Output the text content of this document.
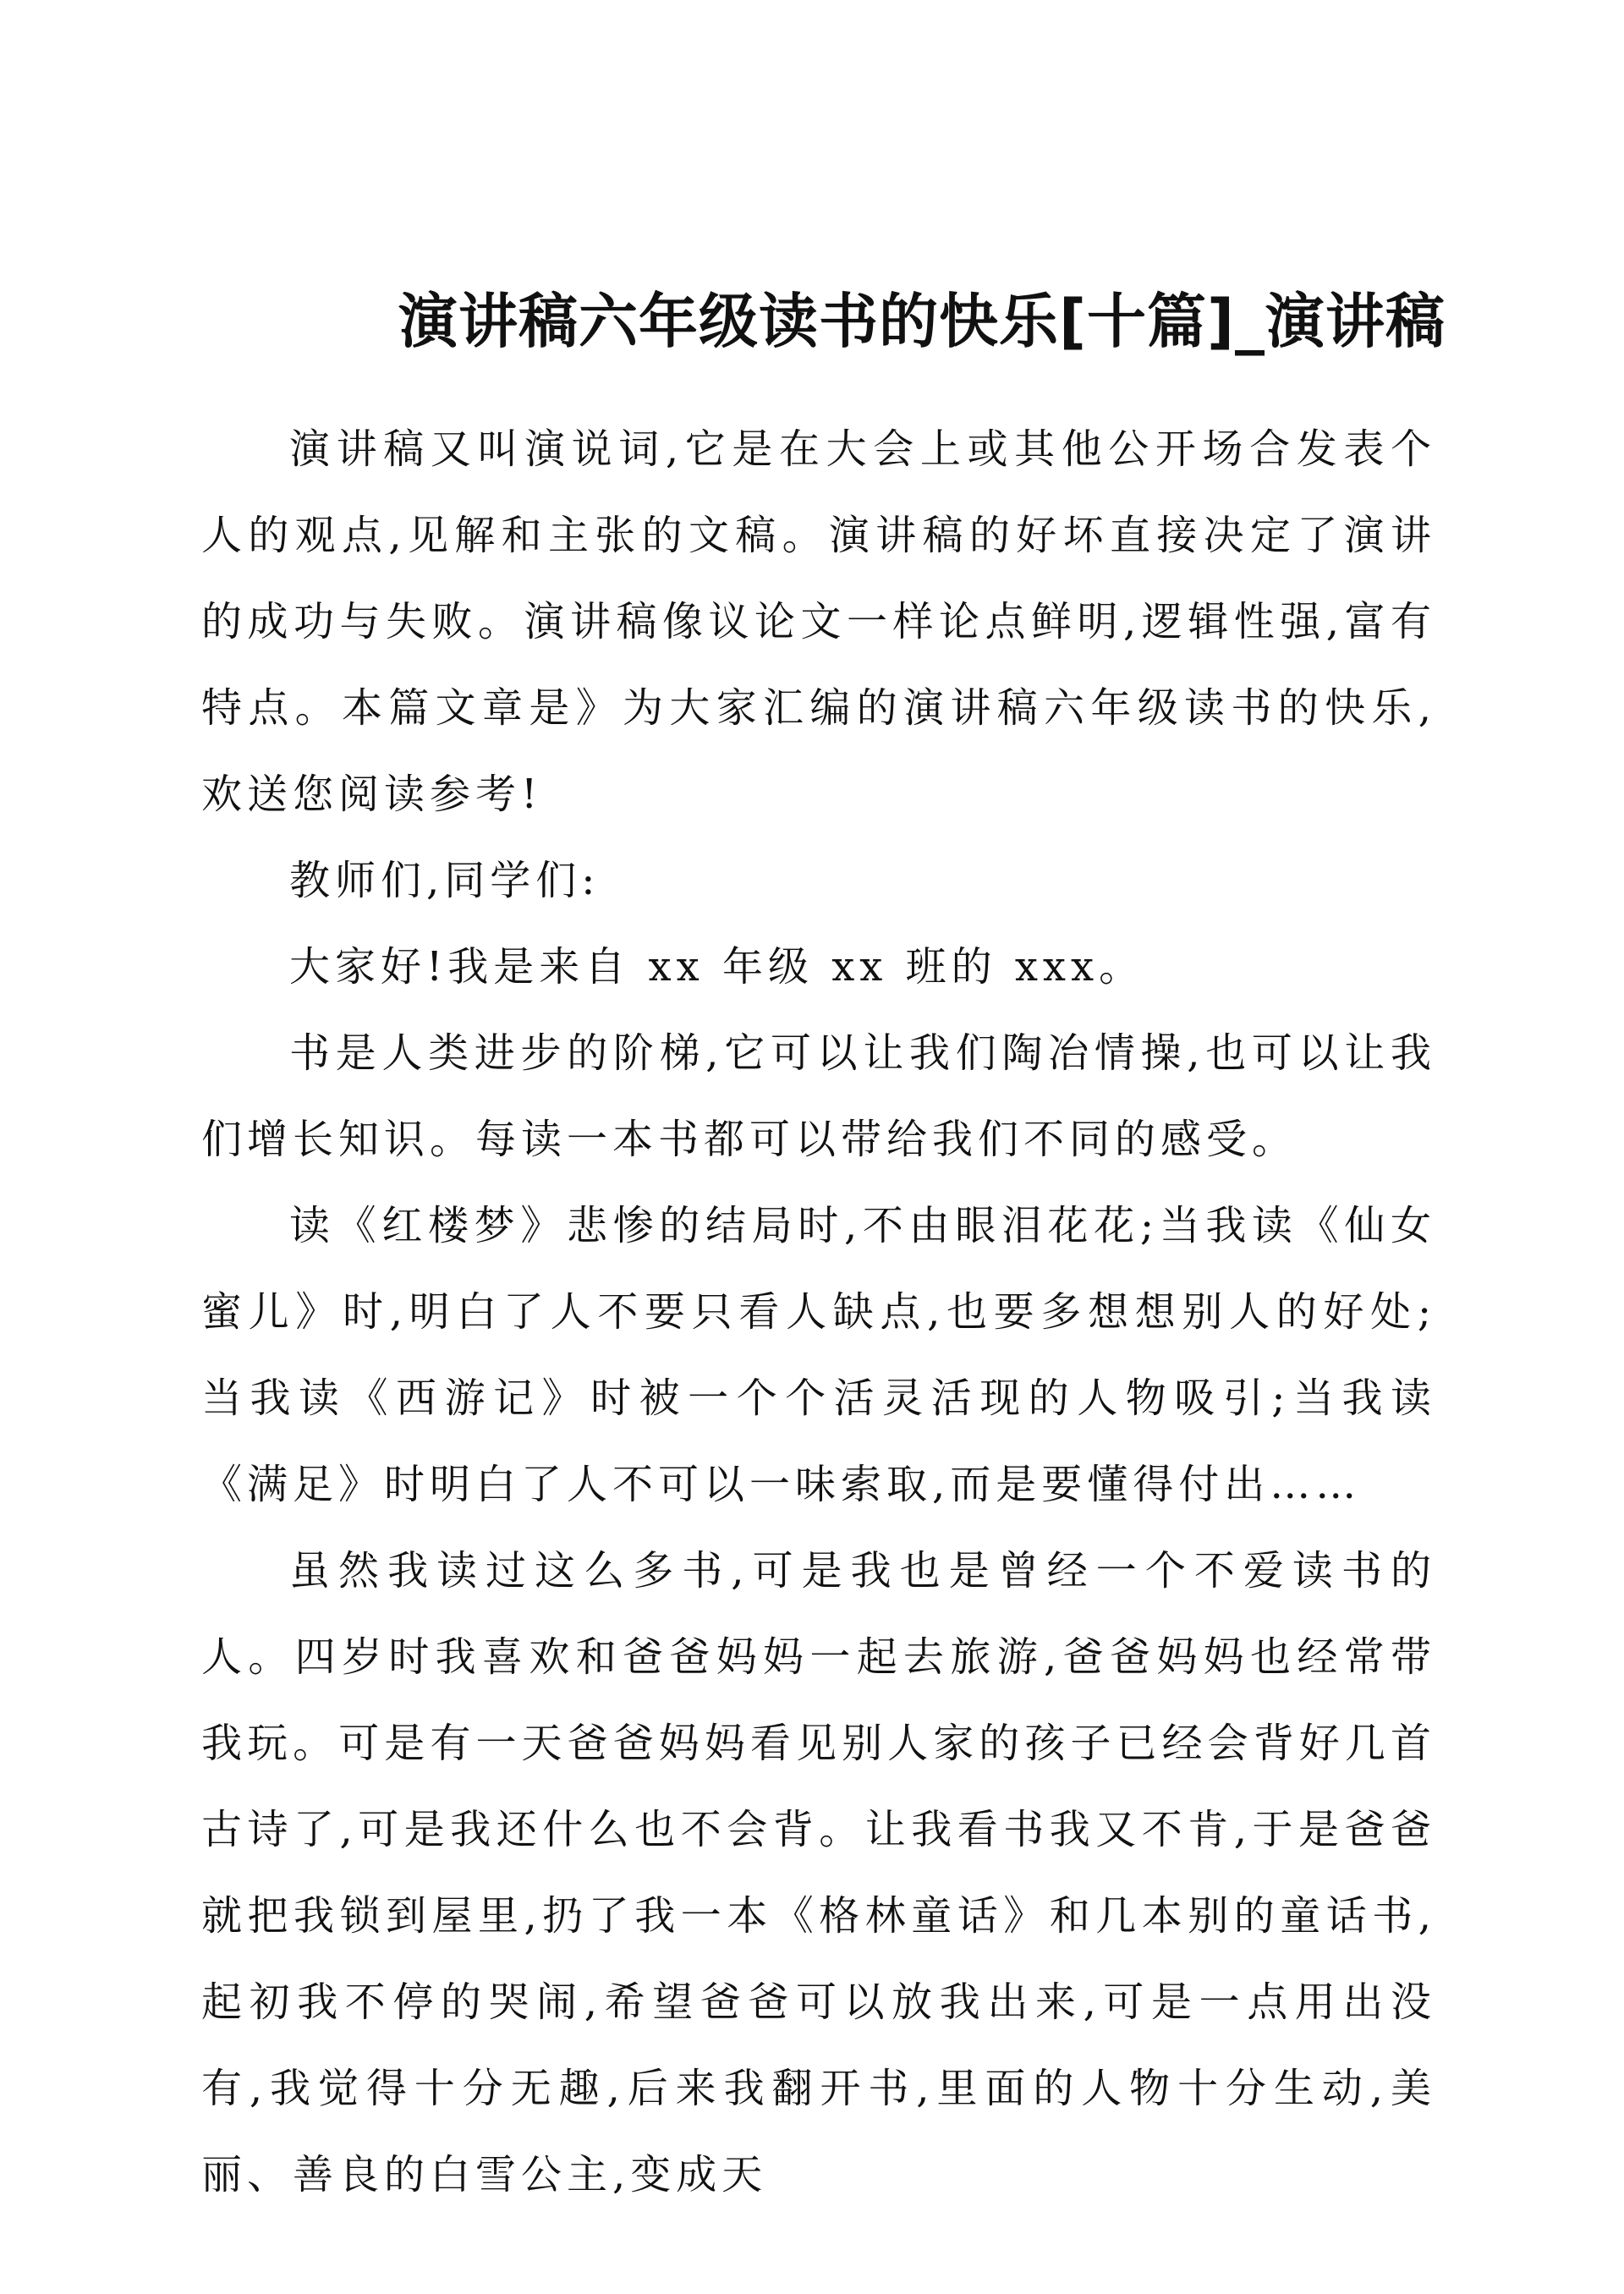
演讲稿六年级读书的快乐[十篇]_演讲稿

演讲稿又叫演说词,它是在大会上或其他公开场合发表个人的观点,见解和主张的文稿。演讲稿的好坏直接决定了演讲的成功与失败。演讲稿像议论文一样论点鲜明,逻辑性强,富有特点。本篇文章是》为大家汇编的演讲稿六年级读书的快乐,欢送您阅读参考!

教师们,同学们:

大家好!我是来自 xx 年级 xx 班的 xxx。

书是人类进步的阶梯,它可以让我们陶冶情操,也可以让我们增长知识。每读一本书都可以带给我们不同的感受。

读《红楼梦》悲惨的结局时,不由眼泪花花;当我读《仙女蜜儿》时,明白了人不要只看人缺点,也要多想想别人的好处;当我读《西游记》时被一个个活灵活现的人物吸引;当我读《满足》时明白了人不可以一味索取,而是要懂得付出……

虽然我读过这么多书,可是我也是曾经一个不爱读书的人。四岁时我喜欢和爸爸妈妈一起去旅游,爸爸妈妈也经常带我玩。可是有一天爸爸妈妈看见别人家的孩子已经会背好几首古诗了,可是我还什么也不会背。让我看书我又不肯,于是爸爸就把我锁到屋里,扔了我一本《格林童话》和几本别的童话书,起初我不停的哭闹,希望爸爸可以放我出来,可是一点用出没有,我觉得十分无趣,后来我翻开书,里面的人物十分生动,美丽、善良的白雪公主,变成天
